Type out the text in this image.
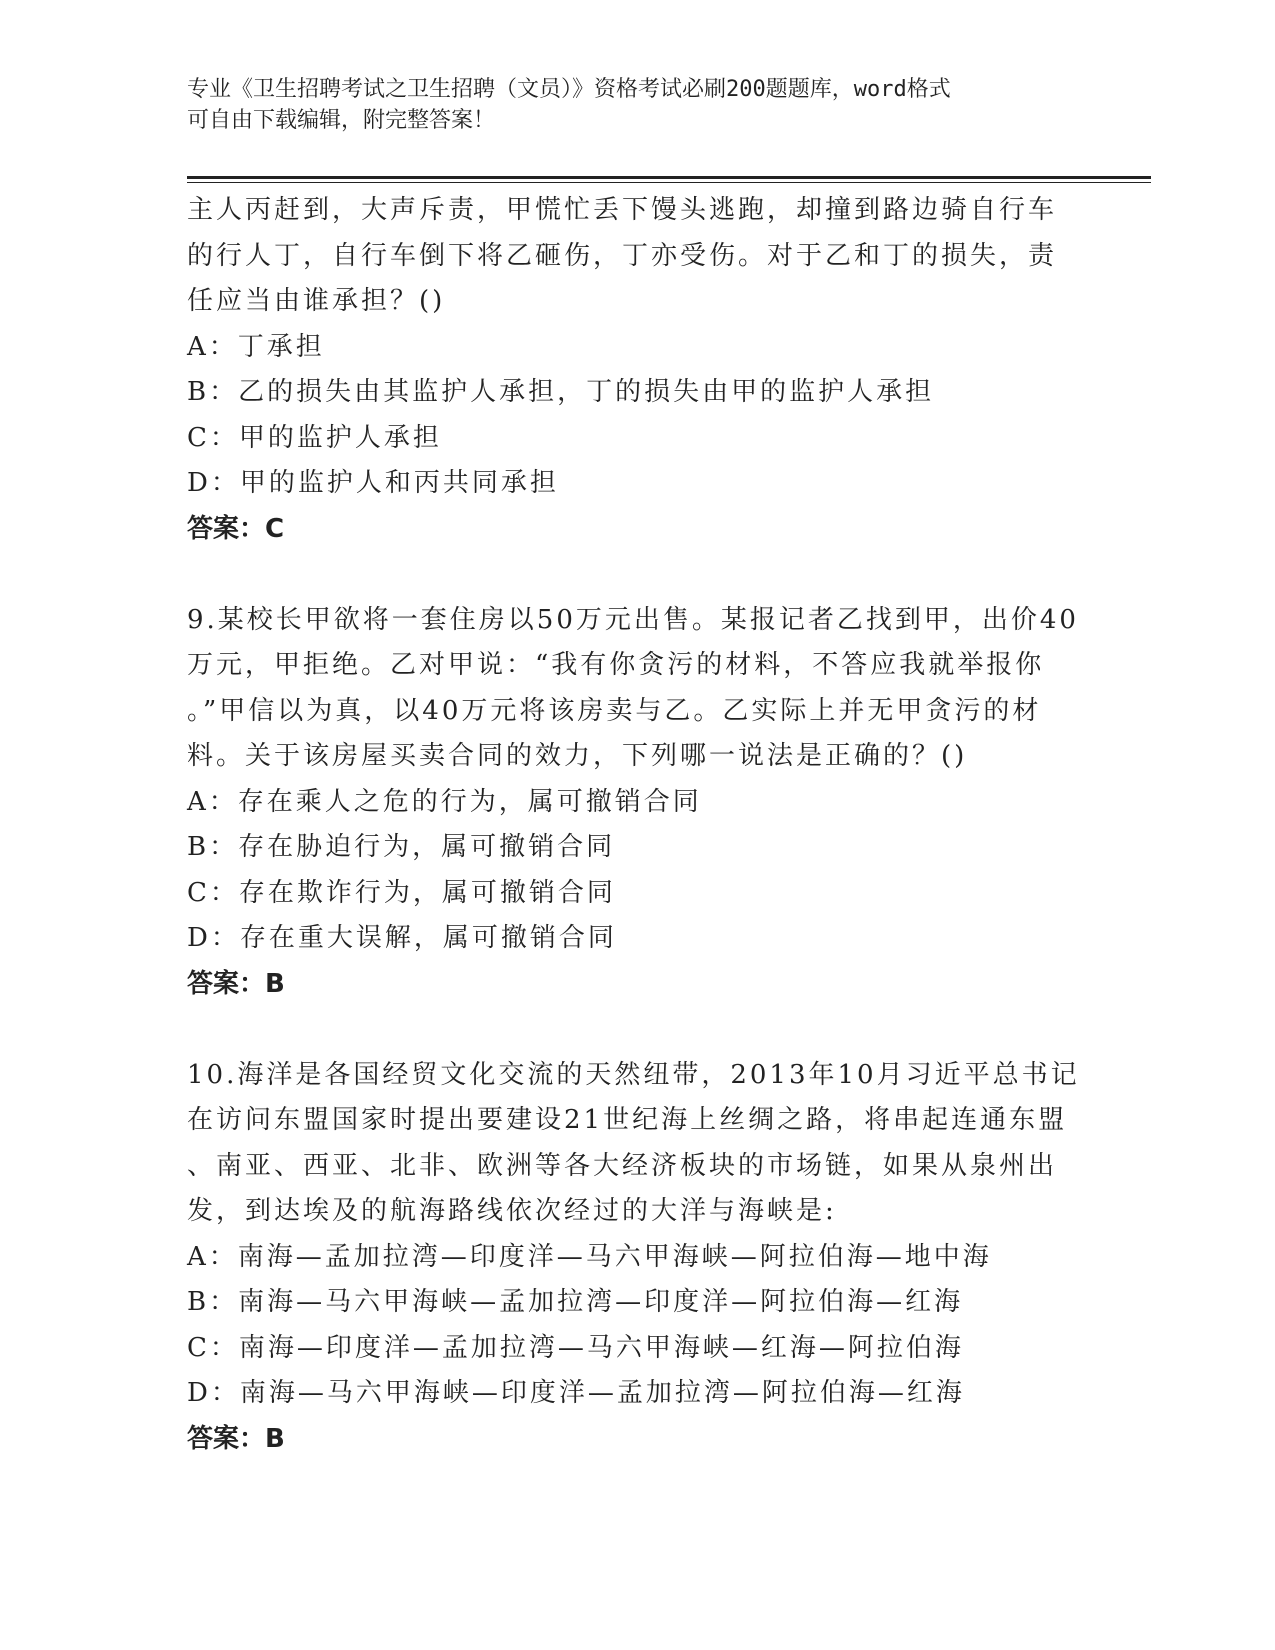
专业《卫生招聘考试之卫生招聘（文员）》资格考试必刷200题题库，word格式
可自由下载编辑，附完整答案！
主人丙赶到，大声斥责，甲慌忙丢下馒头逃跑，却撞到路边骑自行车
的行人丁，自行车倒下将乙砸伤，丁亦受伤。对于乙和丁的损失，责
任应当由谁承担？()
A：丁承担
B：乙的损失由其监护人承担，丁的损失由甲的监护人承担
C：甲的监护人承担
D：甲的监护人和丙共同承担
答案：C
9.某校长甲欲将一套住房以50万元出售。某报记者乙找到甲，出价40
万元，甲拒绝。乙对甲说：“我有你贪污的材料，不答应我就举报你
。”甲信以为真，以40万元将该房卖与乙。乙实际上并无甲贪污的材
料。关于该房屋买卖合同的效力，下列哪一说法是正确的？()
A：存在乘人之危的行为，属可撤销合同
B：存在胁迫行为，属可撤销合同
C：存在欺诈行为，属可撤销合同
D：存在重大误解，属可撤销合同
答案：B
10.海洋是各国经贸文化交流的天然纽带，2013年10月习近平总书记
在访问东盟国家时提出要建设21世纪海上丝绸之路，将串起连通东盟
、南亚、西亚、北非、欧洲等各大经济板块的市场链，如果从泉州出
发，到达埃及的航海路线依次经过的大洋与海峡是:
A：南海—孟加拉湾—印度洋—马六甲海峡—阿拉伯海—地中海
B：南海—马六甲海峡—孟加拉湾—印度洋—阿拉伯海—红海
C：南海—印度洋—孟加拉湾—马六甲海峡—红海—阿拉伯海
D：南海—马六甲海峡—印度洋—孟加拉湾—阿拉伯海—红海
答案：B
